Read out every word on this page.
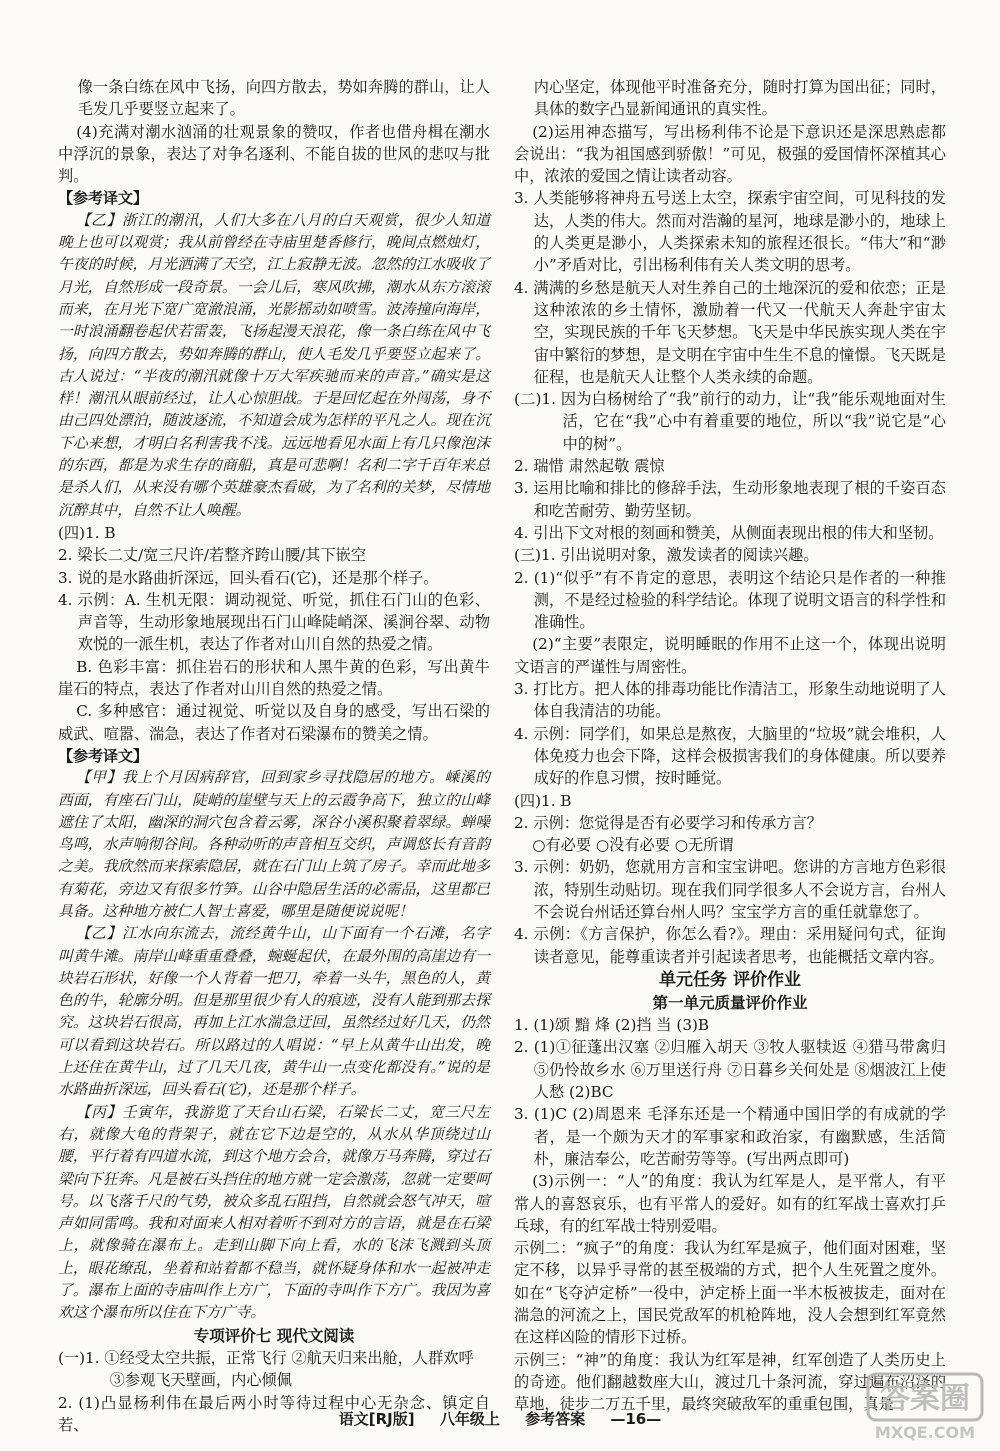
像一条白练在风中飞扬，向四方散去，势如奔腾的群山，让人毛发几乎要竖立起来了。

(4)充满对潮水汹涌的壮观景象的赞叹，作者也借舟楫在潮水中浮沉的景象，表达了对争名逐利、不能自拔的世风的悲叹与批判。

【参考译文】

【乙】浙江的潮汛，人们大多在八月的白天观赏，很少人知道晚上也可以观赏；我从前曾经在寺庙里楚香修行，晚间点燃烛灯，午夜的时候，月光洒满了天空，江上寂静无波。忽然的江水吸收了月光，自然形成一段奇景。一会儿后，寒风吹拂，潮水从东方滚滚而来，在月光下宽广宽澈浪涌，光影摇动如喷雪。波涛撞向海岸，一时浪涌翻卷起伏若雷轰，飞扬起漫天浪花，像一条白练在风中飞扬，向四方散去，势如奔腾的群山，使人毛发几乎要竖立起来了。古人说过：“半夜的潮汛就像十万大军疾驰而来的声音。”确实是这样！潮汛从眼前经过，让人心惊胆战。于是回忆起在外闯荡，身不由己四处漂泊，随波逐流，不知道会成为怎样的平凡之人。现在沉下心来想，才明白名利害我不浅。远远地看见水面上有几只像泡沫的东西，都是为求生存的商船，真是可悲啊！名利二字千百年来总是杀人们，从来没有哪个英雄豪杰看破，为了名利的关梦，尽情地沉醉其中，自然不让人唤醒。

(四)1. B

2. 梁长二丈/宽三尺许/若整齐跨山腰/其下嵌空

3. 说的是水路曲折深远，回头看石(它)，还是那个样子。

4. 示例：A. 生机无限：调动视觉、听觉，抓住石门山的色彩、声音等，生动形象地展现出石门山峰陡峭深、溪涧谷翠、动物欢悦的一派生机，表达了作者对山川自然的热爱之情。

B. 色彩丰富：抓住岩石的形状和人黑牛黄的色彩，写出黄牛崖石的特点，表达了作者对山川自然的热爱之情。

C. 多种感官：通过视觉、听觉以及自身的感受，写出石梁的威武、喧嚣、湍急，表达了作者对石梁瀑布的赞美之情。

【参考译文】

【甲】我上个月因病辞官，回到家乡寻找隐居的地方。嵊溪的西面，有座石门山，陡峭的崖壁与天上的云霞争高下，独立的山峰遮住了太阳，幽深的洞穴包含着云雾，深谷小溪积聚着翠绿。蝉噪鸟鸣，水声响彻谷间。各种动听的声音相互交织，声调悠长有音韵之美。我欣然而来探索隐居，就在石门山上筑了房子。幸而此地多有菊花，旁边又有很多竹笋。山谷中隐居生活的必需品，这里都已具备。这种地方被仁人智士喜爱，哪里是随便说说呢！

【乙】江水向东流去，流经黄牛山，山下面有一个石滩，名字叫黄牛滩。南岸山峰重重叠叠，蜿蜒起伏，在最外围的高崖边有一块岩石形状，好像一个人背着一把刀，牵着一头牛，黑色的人，黄色的牛，轮廓分明。但是那里很少有人的痕迹，没有人能到那去探究。这块岩石很高，再加上江水湍急迂回，虽然经过好几天，仍然可以看到这块岩石。所以路过的人唱说：“早上从黄牛山出发，晚上还住在黄牛山，过了几天几夜，黄牛山一点变化都没有。”说的是水路曲折深远，回头看石(它)，还是那个样子。

【丙】壬寅年，我游览了天台山石梁，石梁长二丈，宽三尺左右，就像大龟的背架子，就在它下边是空的，从水从华顶绕过山腰，平行着有四道水流，到这个地方会合，就像万马奔腾，穿过石梁向下狂奔。凡是被石头挡住的地方就一定会激荡，忽就一定要呵号。以飞落千尺的气势，被众多乱石阻挡，自然就会怒气冲天，喧声如同雷鸣。我和对面来人相对着听不到对方的言语，就是在石梁上，就像骑在瀑布上。走到山脚下向上看，水的飞沫飞溅到头顶上，眼花缭乱，坐着和站着都不稳当，就怀疑身体和水一起被冲走了。瀑布上面的寺庙叫作上方广，下面的寺叫作下方广。我因为喜欢这个瀑布所以住在下方广寺。

专项评价七 现代文阅读

(一)1. ①经受太空共振，正常飞行 ②航天归来出舱，人群欢呼

③参观飞天壁画，内心倾佩

2. (1)凸显杨利伟在最后两小时等待过程中心无杂念、镇定自若、

内心坚定，体现他平时准备充分，随时打算为国出征；同时，具体的数字凸显新闻通讯的真实性。

(2)运用神态描写，写出杨利伟不论是下意识还是深思熟虑都会说出：“我为祖国感到骄傲！”可见，极强的爱国情怀深植其心中，浓浓的爱国之情让读者动容。

3. 人类能够将神舟五号送上太空，探索宇宙空间，可见科技的发达，人类的伟大。然而对浩瀚的星河，地球是渺小的，地球上的人类更是渺小，人类探索未知的旅程还很长。“伟大”和“渺小”矛盾对比，引出杨利伟有关人类文明的思考。

4. 满满的乡愁是航天人对生养自己的土地深沉的爱和依恋；正是这种浓浓的乡土情怀，激励着一代又一代航天人奔赴宇宙太空，实现民族的千年飞天梦想。飞天是中华民族实现人类在宇宙中繁衍的梦想，是文明在宇宙中生生不息的憧憬。飞天既是征程，也是航天人让整个人类永续的命题。

(二)1. 因为白杨树给了“我”前行的动力，让“我”能乐观地面对生活，它在“我”心中有着重要的地位，所以“我”说它是“心中的树”。

2. 瑞惜 肃然起敬 震惊

3. 运用比喻和排比的修辞手法，生动形象地表现了根的千姿百态和吃苦耐劳、勤劳坚韧。

4. 引出下文对根的刻画和赞美，从侧面表现出根的伟大和坚韧。

(三)1. 引出说明对象，激发读者的阅读兴趣。

2. (1)“似乎”有不肯定的意思，表明这个结论只是作者的一种推测，不是经过检验的科学结论。体现了说明文语言的科学性和准确性。

(2)“主要”表限定，说明睡眠的作用不止这一个，体现出说明文语言的严谨性与周密性。

3. 打比方。把人体的排毒功能比作清洁工，形象生动地说明了人体自我清洁的功能。

4. 示例：同学们，如果总是熬夜，大脑里的“垃圾”就会堆积，人体免疫力也会下降，这样会极损害我们的身体健康。所以要养成好的作息习惯，按时睡觉。

(四)1. B

2. 示例：您觉得是否有必要学习和传承方言？

○有必要 ○没有必要 ○无所谓

3. 示例：奶奶，您就用方言和宝宝讲吧。您讲的方言地方色彩很浓，特别生动贴切。现在我们同学很多人不会说方言，台州人不会说台州话还算台州人吗？宝宝学方言的重任就靠您了。

4. 示例：《方言保护，你怎么看?》。理由：采用疑问句式，征询读者意见，能尊重读者并引起读者思考，也能概括文章内容。

单元任务 评价作业

第一单元质量评价作业

1. (1)颂 黯 烽 (2)挡 当 (3)B

2. (1)①征蓬出汉塞 ②归雁入胡天 ③牧人驱犊返 ④猎马带禽归 ⑤仍怜故乡水 ⑥万里送行舟 ⑦日暮乡关何处是 ⑧烟波江上使人愁 (2)BC

3. (1)C (2)周恩来 毛泽东还是一个精通中国旧学的有成就的学者，是一个颇为天才的军事家和政治家，有幽默感，生活简朴，廉洁奉公，吃苦耐劳等等。(写出两点即可)

(3)示例一：“人”的角度：我认为红军是人，是平常人，有平常人的喜怒哀乐，也有平常人的爱好。如有的红军战士喜欢打乒乓球，有的红军战士特别爱唱。

示例二：“疯子”的角度：我认为红军是疯子，他们面对困难，坚定不移，以异乎寻常的甚至极端的方式，把个人生死置之度外。如在“飞夺泸定桥”一役中，泸定桥上面一半木板被拔走，面对在湍急的河流之上，国民党敌军的机枪阵地，没人会想到红军竟然在这样凶险的情形下过桥。

示例三：“神”的角度：我认为红军是神，红军创造了人类历史上的奇迹。他们翻越数座大山，渡过几十条河流，穿过遍布沼泽的草地，徒步二万五千里，最终突破敌军的重重包围，真是

语文[RJ版] 八年级上 参考答案 —16—
答案圈
MXQE.COM
